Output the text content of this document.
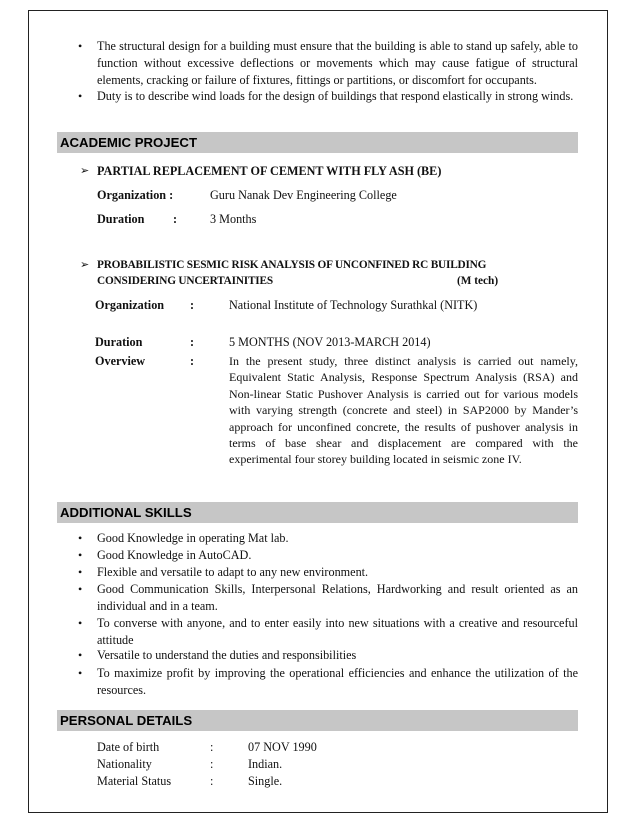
• The structural design for a building must ensure that the building is able to stand up safely, able to function without excessive deflections or movements which may cause fatigue of structural elements, cracking or failure of fixtures, fittings or partitions, or discomfort for occupants.
• Duty is to describe wind loads for the design of buildings that respond elastically in strong winds.
ACADEMIC PROJECT
➢ PARTIAL REPLACEMENT OF CEMENT WITH FLY ASH (BE)
Organization :	Guru Nanak Dev Engineering College
Duration :	3 Months
➢ PROBABILISTIC SESMIC RISK ANALYSIS OF UNCONFINED RC BUILDING
CONSIDERING UNCERTAINITIES	(M tech)
Organization :	National Institute of Technology Surathkal (NITK)
Duration	:	5 MONTHS (NOV 2013-MARCH 2014)
Overview	:	In the present study, three distinct analysis is carried out namely, Equivalent Static Analysis, Response Spectrum Analysis (RSA) and Non-linear Static Pushover Analysis is carried out for various models with varying strength (concrete and steel) in SAP2000 by Mander’s approach for unconfined concrete, the results of pushover analysis in terms of base shear and displacement are compared with the experimental four storey building located in seismic zone IV.
ADDITIONAL SKILLS
• Good Knowledge in operating Mat lab.
• Good Knowledge in AutoCAD.
• Flexible and versatile to adapt to any new environment.
• Good Communication Skills, Interpersonal Relations, Hardworking and result oriented as an individual and in a team.
• To converse with anyone, and to enter easily into new situations with a creative and resourceful attitude
• Versatile to understand the duties and responsibilities
• To maximize profit by improving the operational efficiencies and enhance the utilization of the resources.
PERSONAL DETAILS
Date of birth	:	07 NOV 1990
Nationality	:	Indian.
Material Status	:	Single.
